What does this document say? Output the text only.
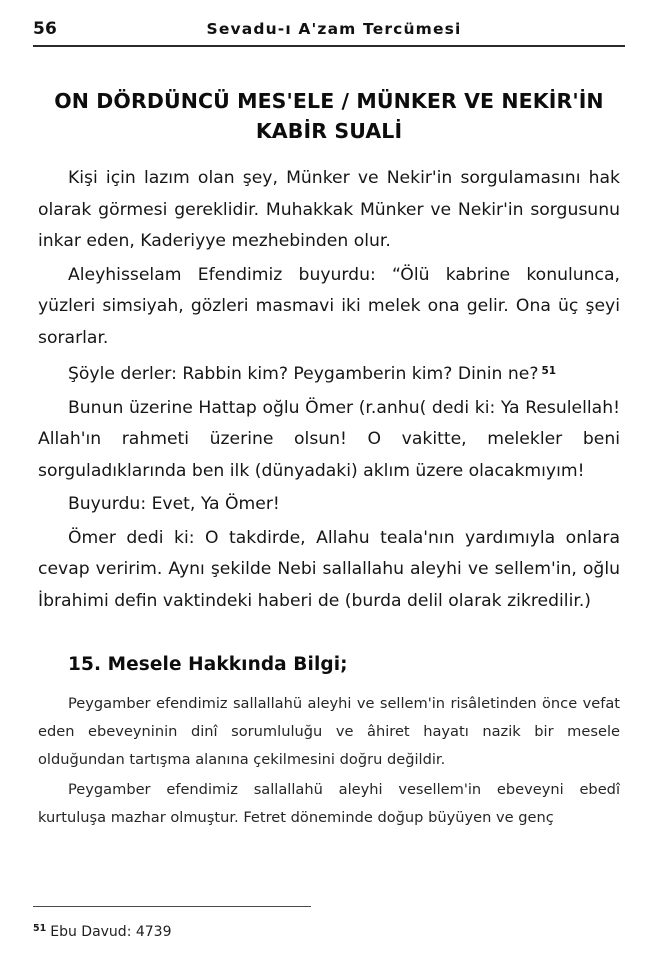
56	Sevadu-ı A'zam Tercümesi
ON DÖRDÜNCÜ MES'ELE / MÜNKER VE NEKİR'İN
KABİR SUALİ

Kişi için lazım olan şey, Münker ve Nekir'in sorgulamasını hak olarak görmesi gereklidir. Muhakkak Münker ve Nekir'in sorgusunu inkar eden, Kaderiyye mezhebinden olur.

Aleyhisselam Efendimiz buyurdu: “Ölü kabrine konulunca, yüzleri simsiyah, gözleri masmavi iki melek ona gelir. Ona üç şeyi sorarlar.

Şöyle derler: Rabbin kim? Peygamberin kim? Dinin ne? $^{51}$

Bunun üzerine Hattap oğlu Ömer (r.anhu( dedi ki: Ya Resulellah! Allah'ın rahmeti üzerine olsun! O vakitte, melekler beni sorguladıklarında ben ilk (dünyadaki) aklım üzere olacakmıyım!

Buyurdu: Evet, Ya Ömer!

Ömer dedi ki: O takdirde, Allahu teala'nın yardımıyla onlara cevap veririm. Aynı şekilde Nebi sallallahu aleyhi ve sellem'in, oğlu İbrahimi defin vaktindeki haberi de (burda delil olarak zikredilir.)

15. Mesele Hakkında Bilgi;

Peygamber efendimiz sallallahü aleyhi ve sellem'in risâletinden önce vefat eden ebeveyninin dinî sorumluluğu ve âhiret hayatı nazik bir mesele olduğundan tartışma alanına çekilmesini doğru değildir.

Peygamber efendimiz sallallahü aleyhi vesellem'in ebeveyni ebedî kurtuluşa mazhar olmuştur. Fetret döneminde doğup büyüyen ve genç

$^{51}$ Ebu Davud: 4739
